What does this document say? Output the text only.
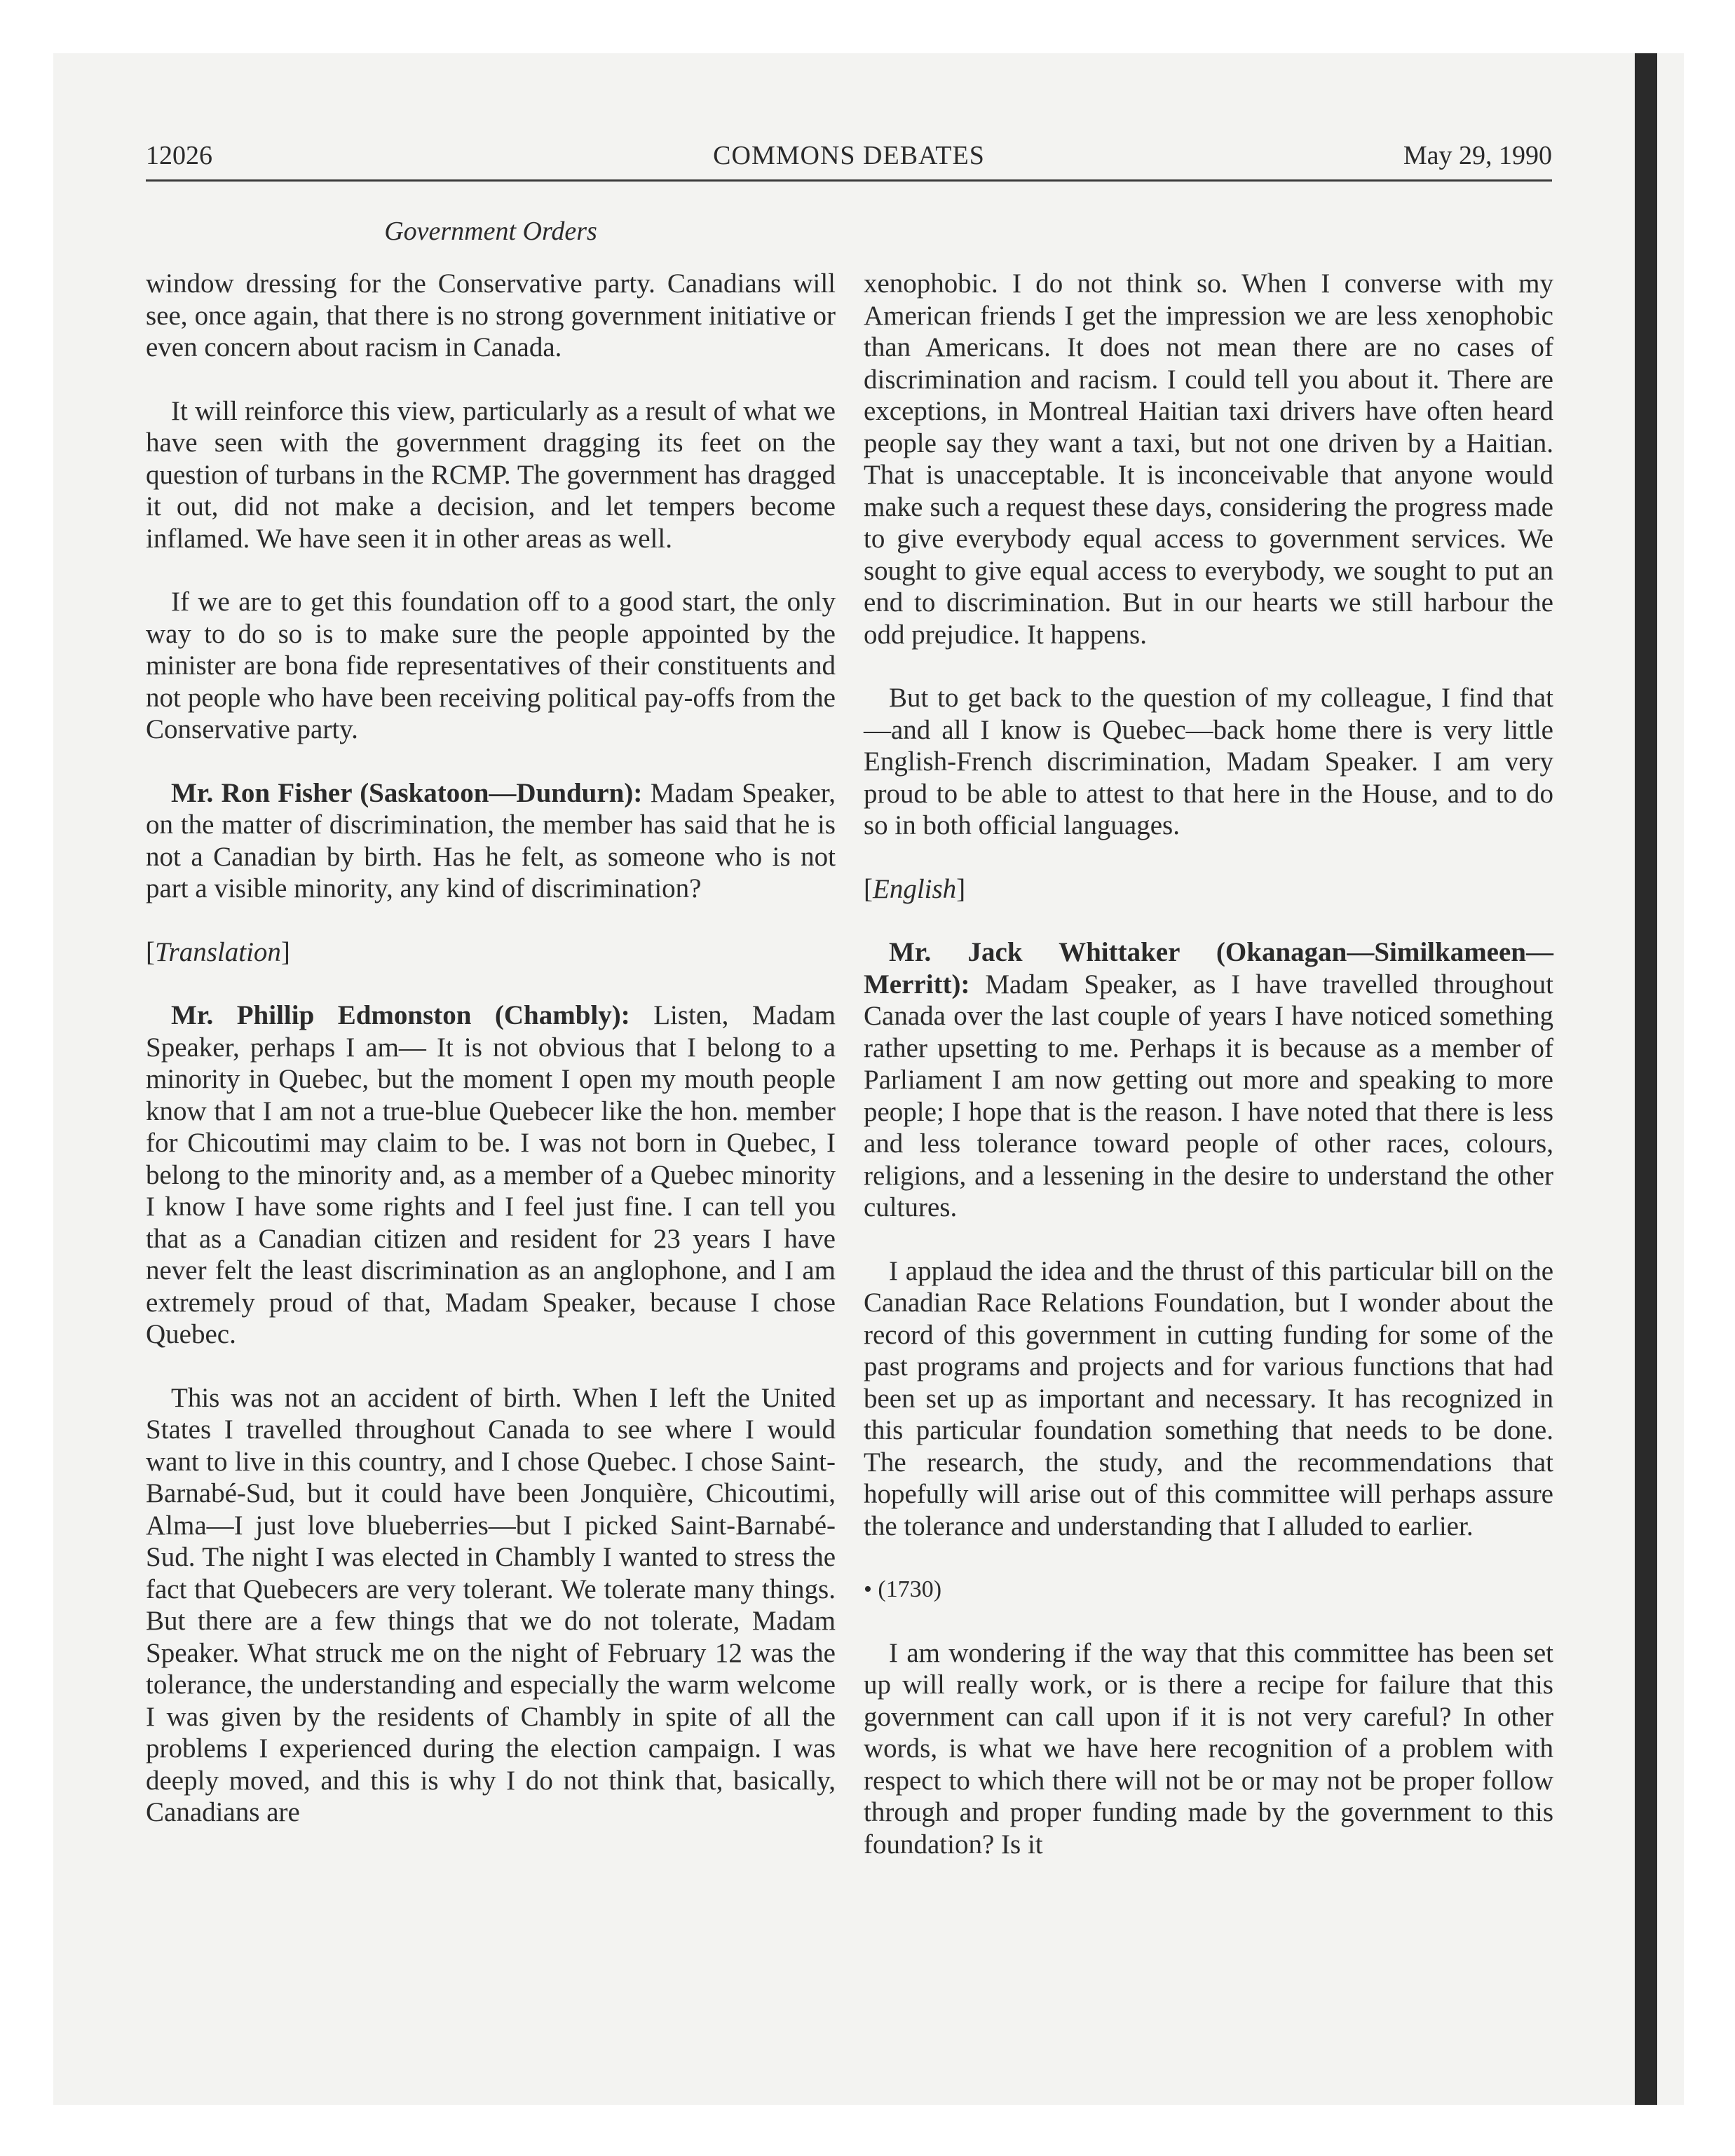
12026	COMMONS DEBATES	May 29, 1990
Government Orders

window dressing for the Conservative party. Canadians will see, once again, that there is no strong government initiative or even concern about racism in Canada.

It will reinforce this view, particularly as a result of what we have seen with the government dragging its feet on the question of turbans in the RCMP. The government has dragged it out, did not make a decision, and let tempers become inflamed. We have seen it in other areas as well.

If we are to get this foundation off to a good start, the only way to do so is to make sure the people appointed by the minister are bona fide representatives of their constituents and not people who have been receiving political pay-offs from the Conservative party.

Mr. Ron Fisher (Saskatoon—Dundurn): Madam Speaker, on the matter of discrimination, the member has said that he is not a Canadian by birth. Has he felt, as someone who is not part a visible minority, any kind of discrimination?

[Translation]

Mr. Phillip Edmonston (Chambly): Listen, Madam Speaker, perhaps I am— It is not obvious that I belong to a minority in Quebec, but the moment I open my mouth people know that I am not a true-blue Quebecer like the hon. member for Chicoutimi may claim to be. I was not born in Quebec, I belong to the minority and, as a member of a Quebec minority I know I have some rights and I feel just fine. I can tell you that as a Canadian citizen and resident for 23 years I have never felt the least discrimination as an anglophone, and I am extremely proud of that, Madam Speaker, because I chose Quebec.

This was not an accident of birth. When I left the United States I travelled throughout Canada to see where I would want to live in this country, and I chose Quebec. I chose Saint-Barnabé-Sud, but it could have been Jonquière, Chicoutimi, Alma—I just love blueberries—but I picked Saint-Barnabé-Sud. The night I was elected in Chambly I wanted to stress the fact that Quebecers are very tolerant. We tolerate many things. But there are a few things that we do not tolerate, Madam Speaker. What struck me on the night of February 12 was the tolerance, the understanding and especially the warm welcome I was given by the residents of Chambly in spite of all the problems I experienced during the election campaign. I was deeply moved, and this is why I do not think that, basically, Canadians are

xenophobic. I do not think so. When I converse with my American friends I get the impression we are less xenophobic than Americans. It does not mean there are no cases of discrimination and racism. I could tell you about it. There are exceptions, in Montreal Haitian taxi drivers have often heard people say they want a taxi, but not one driven by a Haitian. That is unacceptable. It is inconceivable that anyone would make such a request these days, considering the progress made to give everybody equal access to government services. We sought to give equal access to everybody, we sought to put an end to discrimination. But in our hearts we still harbour the odd prejudice. It happens.

But to get back to the question of my colleague, I find that —and all I know is Quebec—back home there is very little English-French discrimination, Madam Speaker. I am very proud to be able to attest to that here in the House, and to do so in both official languages.

[English]

Mr. Jack Whittaker (Okanagan—Similkameen—Merritt): Madam Speaker, as I have travelled throughout Canada over the last couple of years I have noticed something rather upsetting to me. Perhaps it is because as a member of Parliament I am now getting out more and speaking to more people; I hope that is the reason. I have noted that there is less and less tolerance toward people of other races, colours, religions, and a lessening in the desire to understand the other cultures.

I applaud the idea and the thrust of this particular bill on the Canadian Race Relations Foundation, but I wonder about the record of this government in cutting funding for some of the past programs and projects and for various functions that had been set up as important and necessary. It has recognized in this particular foundation something that needs to be done. The research, the study, and the recommendations that hopefully will arise out of this committee will perhaps assure the tolerance and understanding that I alluded to earlier.

• (1730)

I am wondering if the way that this committee has been set up will really work, or is there a recipe for failure that this government can call upon if it is not very careful? In other words, is what we have here recognition of a problem with respect to which there will not be or may not be proper follow through and proper funding made by the government to this foundation? Is it
